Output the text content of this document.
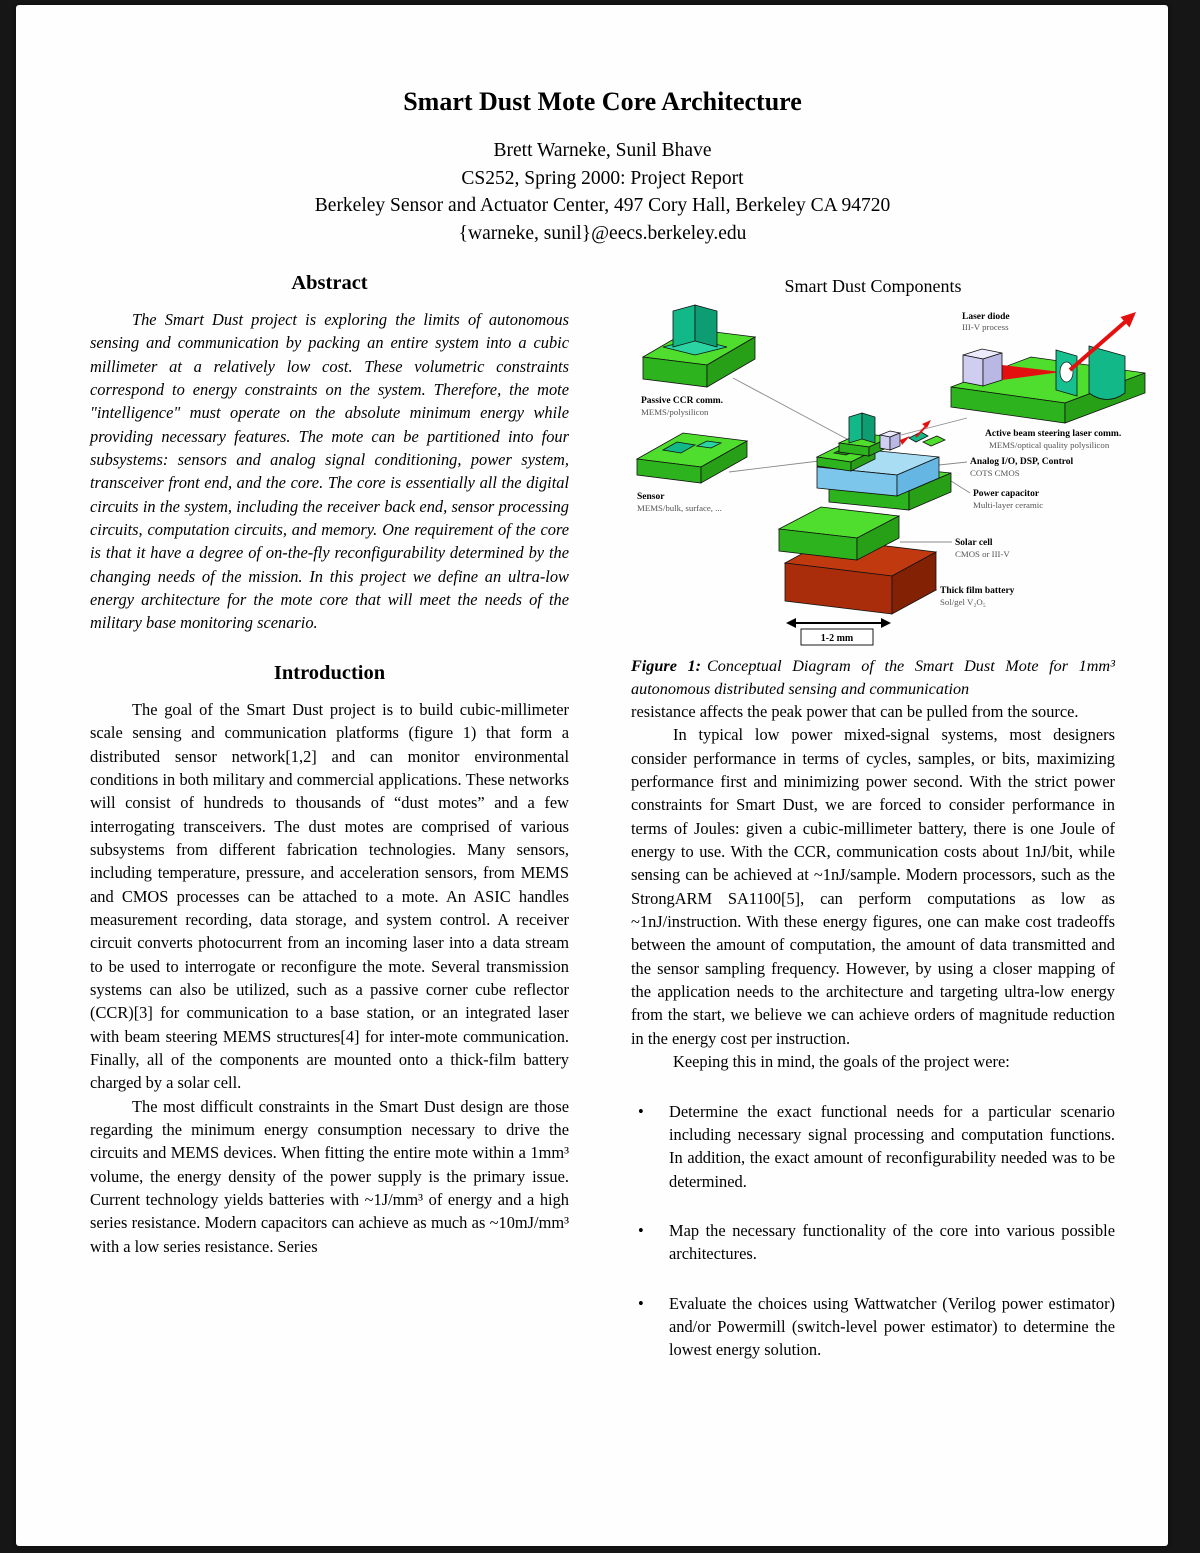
Smart Dust Mote Core Architecture
Brett Warneke, Sunil Bhave
CS252, Spring 2000: Project Report
Berkeley Sensor and Actuator Center, 497 Cory Hall, Berkeley CA 94720
{warneke, sunil}@eecs.berkeley.edu
Abstract

The Smart Dust project is exploring the limits of autonomous sensing and communication by packing an entire system into a cubic millimeter at a relatively low cost. These volumetric constraints correspond to energy constraints on the system. Therefore, the mote "intelligence" must operate on the absolute minimum energy while providing necessary features. The mote can be partitioned into four subsystems: sensors and analog signal conditioning, power system, transceiver front end, and the core. The core is essentially all the digital circuits in the system, including the receiver back end, sensor processing circuits, computation circuits, and memory. One requirement of the core is that it have a degree of on-the-fly reconfigurability determined by the changing needs of the mission. In this project we define an ultra-low energy architecture for the mote core that will meet the needs of the military base monitoring scenario.

Introduction

The goal of the Smart Dust project is to build cubic-millimeter scale sensing and communication platforms (figure 1) that form a distributed sensor network[1,2] and can monitor environmental conditions in both military and commercial applications. These networks will consist of hundreds to thousands of “dust motes” and a few interrogating transceivers. The dust motes are comprised of various subsystems from different fabrication technologies. Many sensors, including temperature, pressure, and acceleration sensors, from MEMS and CMOS processes can be attached to a mote. An ASIC handles measurement recording, data storage, and system control. A receiver circuit converts photocurrent from an incoming laser into a data stream to be used to interrogate or reconfigure the mote. Several transmission systems can also be utilized, such as a passive corner cube reflector (CCR)[3] for communication to a base station, or an integrated laser with beam steering MEMS structures[4] for inter-mote communication. Finally, all of the components are mounted onto a thick-film battery charged by a solar cell.

The most difficult constraints in the Smart Dust design are those regarding the minimum energy consumption necessary to drive the circuits and MEMS devices. When fitting the entire mote within a 1mm³ volume, the energy density of the power supply is the primary issue. Current technology yields batteries with ~1J/mm³ of energy and a high series resistance. Modern capacitors can achieve as much as ~10mJ/mm³ with a low series resistance. Series

Smart Dust Components
Passive CCR comm.
MEMS/polysilicon
Laser diode
III-V process
Active beam steering laser comm.
MEMS/optical quality polysilicon
Sensor
MEMS/bulk, surface, ...
Analog I/O, DSP, Control
COTS CMOS
Power capacitor
Multi-layer ceramic
Solar cell
CMOS or III-V
Thick film battery
Sol/gel V₂O₅
1-2 mm

Figure 1: Conceptual Diagram of the Smart Dust Mote for 1mm³ autonomous distributed sensing and communication

resistance affects the peak power that can be pulled from the source.

In typical low power mixed-signal systems, most designers consider performance in terms of cycles, samples, or bits, maximizing performance first and minimizing power second. With the strict power constraints for Smart Dust, we are forced to consider performance in terms of Joules: given a cubic-millimeter battery, there is one Joule of energy to use. With the CCR, communication costs about 1nJ/bit, while sensing can be achieved at ~1nJ/sample. Modern processors, such as the StrongARM SA1100[5], can perform computations as low as ~1nJ/instruction. With these energy figures, one can make cost tradeoffs between the amount of computation, the amount of data transmitted and the sensor sampling frequency. However, by using a closer mapping of the application needs to the architecture and targeting ultra-low energy from the start, we believe we can achieve orders of magnitude reduction in the energy cost per instruction.

Keeping this in mind, the goals of the project were:

•	Determine the exact functional needs for a particular scenario including necessary signal processing and computation functions. In addition, the exact amount of reconfigurability needed was to be determined.
•	Map the necessary functionality of the core into various possible architectures.
•	Evaluate the choices using Wattwatcher (Verilog power estimator) and/or Powermill (switch-level power estimator) to determine the lowest energy solution.
